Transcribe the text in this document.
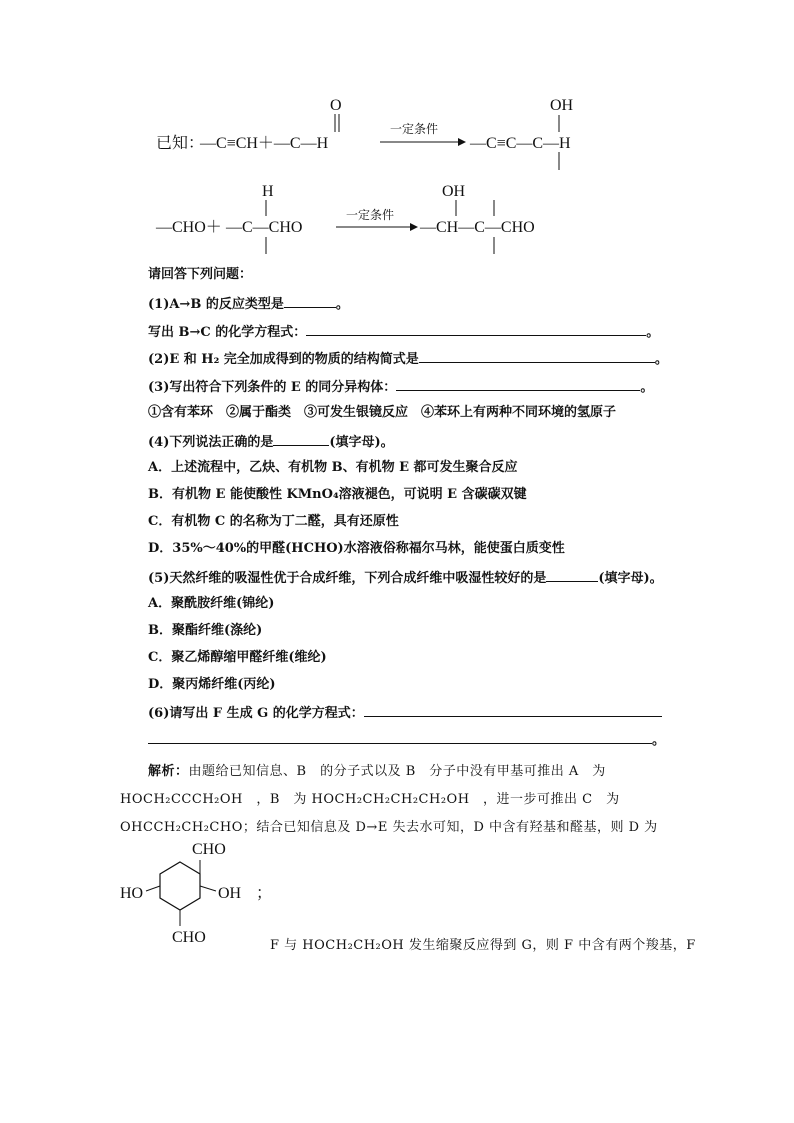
已知：
—C≡CH＋—C—H
O
一定条件
—C≡C—C—H
OH
H
—CHO＋ —C—CHO
一定条件
OH
—CH—C—CHO
请回答下列问题：
(1)A→B 的反应类型是	。
写出 B→C 的化学方程式：	。
(2)E 和 H₂ 完全加成得到的物质的结构简式是	。
(3)写出符合下列条件的 E 的同分异构体：	。
①含有苯环　②属于酯类　③可发生银镜反应　④苯环上有两种不同环境的氢原子
(4)下列说法正确的是	(填字母)。
A．上述流程中，乙炔、有机物 B、有机物 E 都可发生聚合反应
B．有机物 E 能使酸性 KMnO₄溶液褪色，可说明 E 含碳碳双键
C．有机物 C 的名称为丁二醛，具有还原性
D．35%～40%的甲醛(HCHO)水溶液俗称福尔马林，能使蛋白质变性
(5)天然纤维的吸湿性优于合成纤维，下列合成纤维中吸湿性较好的是	(填字母)。
A．聚酰胺纤维(锦纶)
B．聚酯纤维(涤纶)
C．聚乙烯醇缩甲醛纤维(维纶)
D．聚丙烯纤维(丙纶)
(6)请写出 F 生成 G 的化学方程式：
。
解析：由题给已知信息、B　的分子式以及 B　分子中没有甲基可推出 A　为
HOCH₂CCCH₂OH　，B　为 HOCH₂CH₂CH₂CH₂OH　，进一步可推出 C　为
OHCCH₂CH₂CHO；结合已知信息及 D→E 失去水可知，D 中含有羟基和醛基，则 D 为
CHO
CHO
HO	OH ；
F 与 HOCH₂CH₂OH 发生缩聚反应得到 G，则 F 中含有两个羧基，F
